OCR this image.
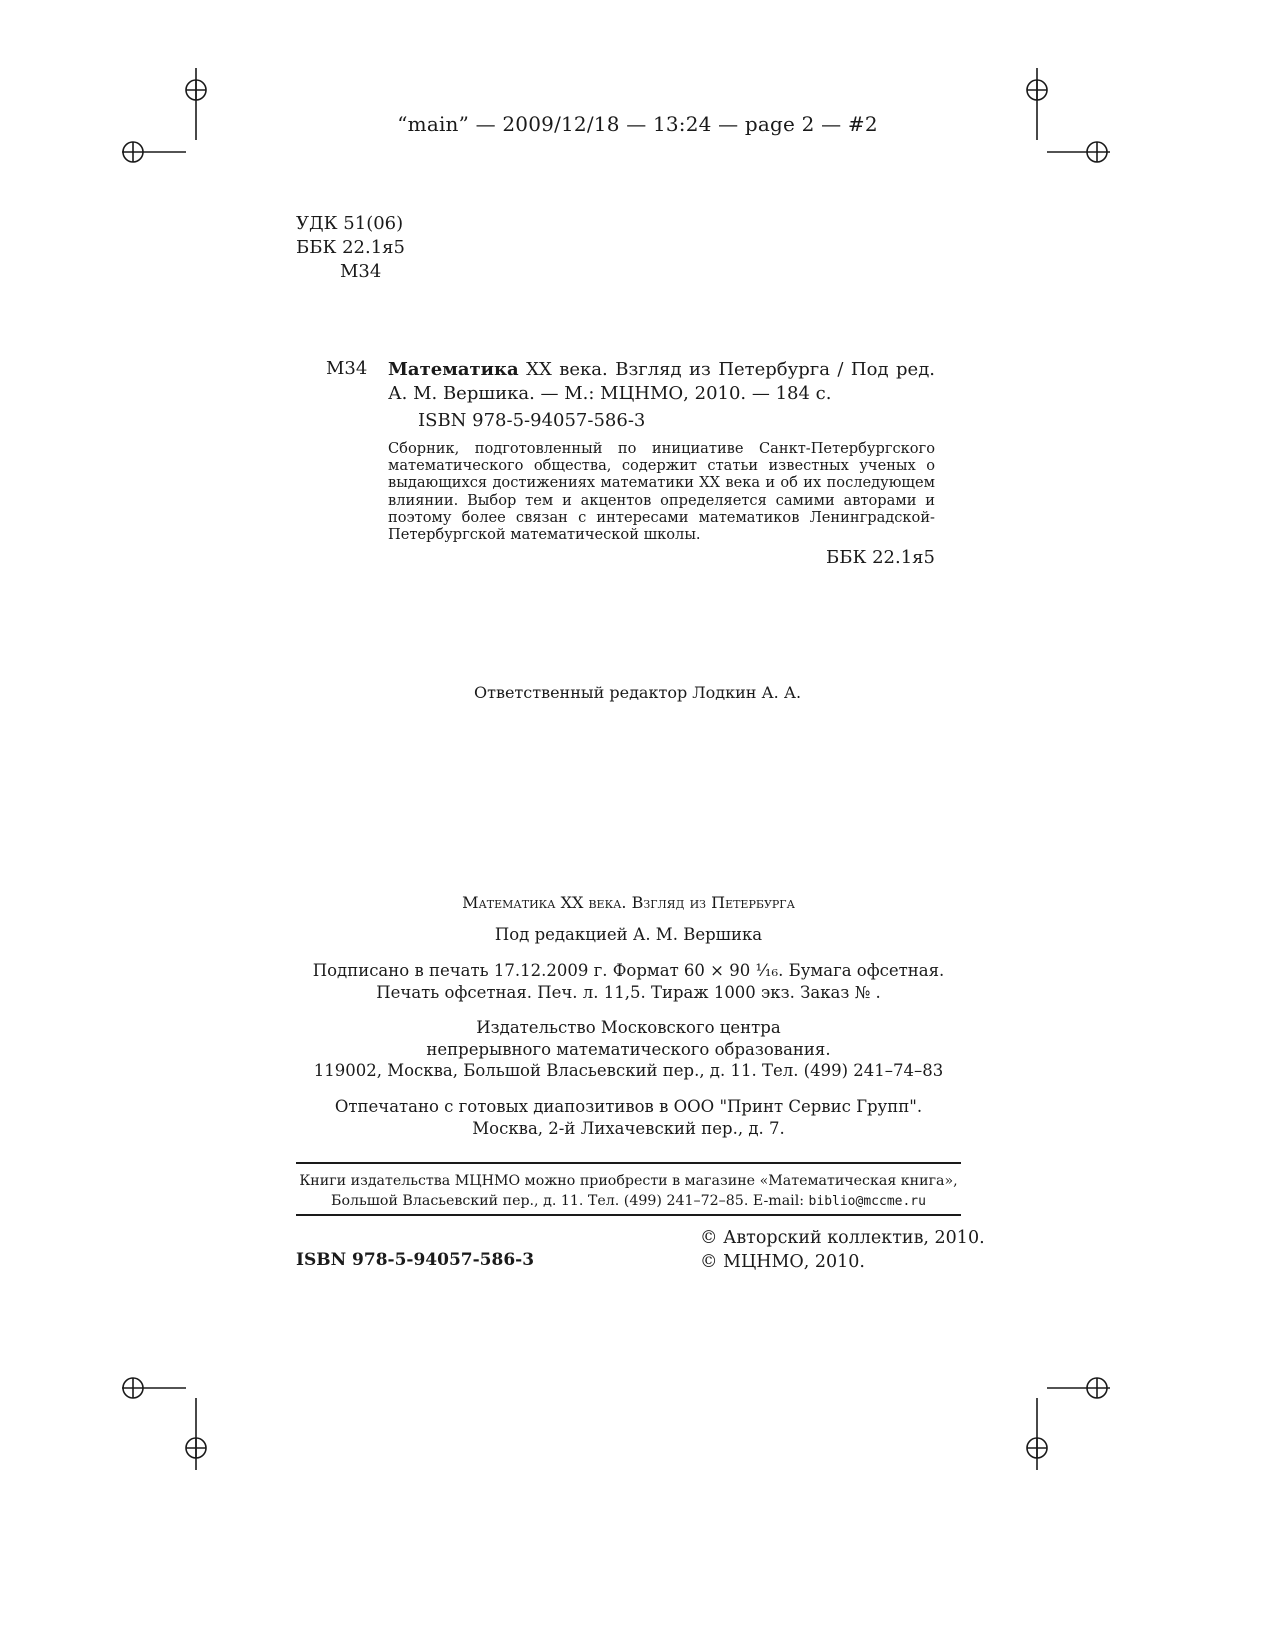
“main” — 2009/12/18 — 13:24 — page 2 — #2
УДК 51(06)
ББК 22.1я5
М34
М34 Математика XX века. Взгляд из Петербурга / Под ред. А. М. Вершика. — М.: МЦНМО, 2010. — 184 с.
ISBN 978-5-94057-586-3
Сборник, подготовленный по инициативе Санкт-Петербургского математического общества, содержит статьи известных ученых о выдающихся достижениях математики XX века и об их последующем влиянии. Выбор тем и акцентов определяется самими авторами и поэтому более связан с интересами математиков Ленинградской-Петербургской математической школы.
ББК 22.1я5
Ответственный редактор Лодкин А. А.
Математика XX века. Взгляд из Петербурга
Под редакцией А. М. Вершика
Подписано в печать 17.12.2009 г. Формат 60 × 90 ¹⁄₁₆. Бумага офсетная.
Печать офсетная. Печ. л. 11,5. Тираж 1000 экз. Заказ № .
Издательство Московского центра
непрерывного математического образования.
119002, Москва, Большой Власьевский пер., д. 11. Тел. (499) 241–74–83
Отпечатано с готовых диапозитивов в ООО "Принт Сервис Групп".
Москва, 2-й Лихачевский пер., д. 7.
Книги издательства МЦНМО можно приобрести в магазине «Математическая книга»,
Большой Власьевский пер., д. 11. Тел. (499) 241–72–85. E-mail: biblio@mccme.ru
© Авторский коллектив, 2010.
© МЦНМО, 2010.
ISBN 978-5-94057-586-3
